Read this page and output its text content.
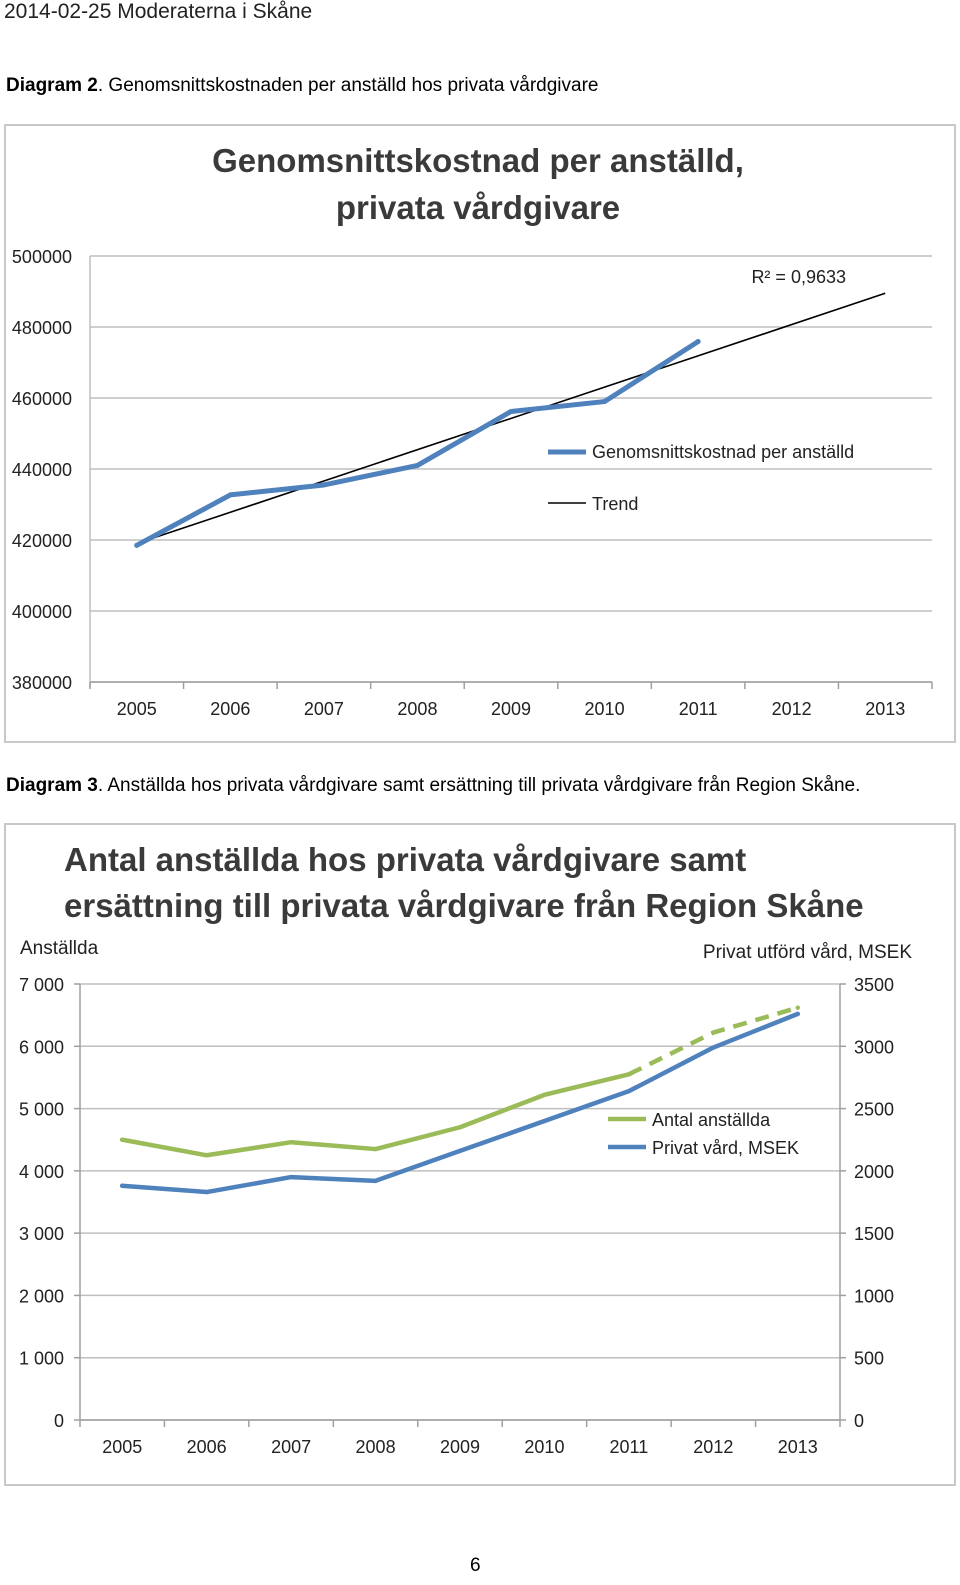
2014-02-25 Moderaterna i Skåne
Diagram 2. Genomsnittskostnaden per anställd hos privata vårdgivare
Genomsnittskostnad per anställd,
privata vårdgivare
500000
480000
460000
440000
420000
400000
380000
2005	2006	2007	2008	2009	2010	2011	2012	2013
R² = 0,9633
Genomsnittskostnad per anställd
Trend
Diagram 3. Anställda hos privata vårdgivare samt ersättning till privata vårdgivare från Region Skåne.
Antal anställda hos privata vårdgivare samt
ersättning till privata vårdgivare från Region Skåne
Anställda	Privat utförd vård, MSEK
7 000	3500
6 000	3000
5 000	2500
4 000	2000
3 000	1500
2 000	1000
1 000	500
0	0
2005 2006 2007 2008 2009 2010	2011	2012 2013
Antal anställda
Privat vård, MSEK
6
